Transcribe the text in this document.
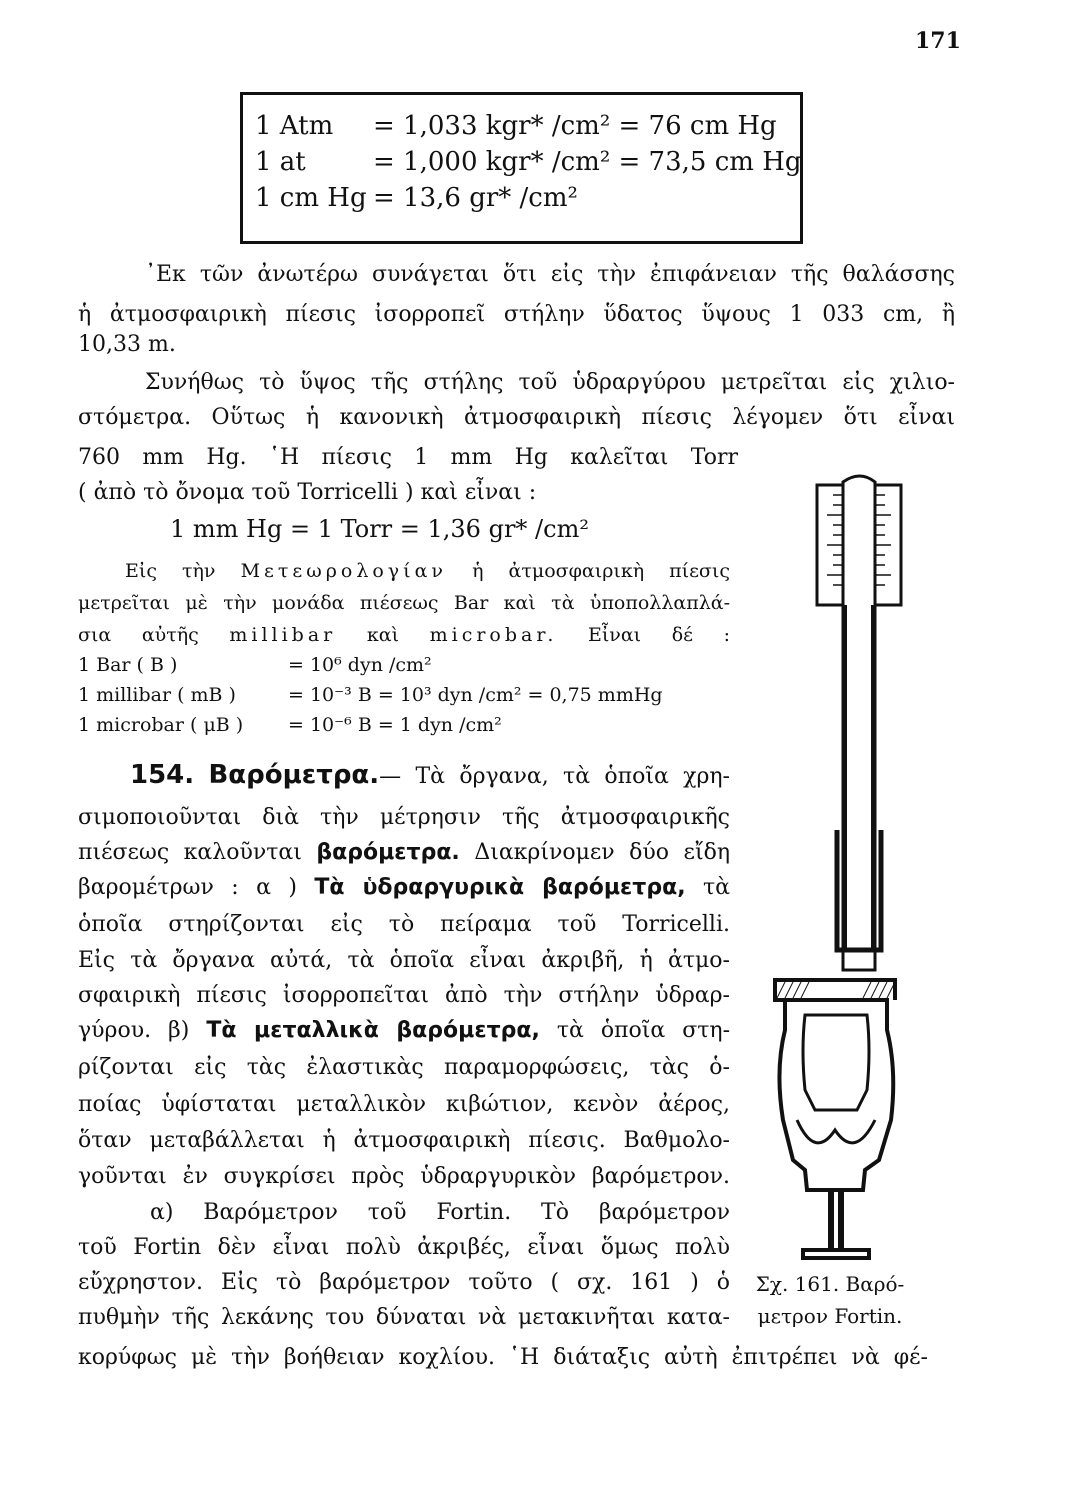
171
1 Atm = 1,033 kgr* /cm² = 76 cm Hg
1 at	= 1,000 kgr* /cm² = 73,5 cm Hg
1 cm Hg = 13,6 gr* /cm²
᾿Εκ τῶν ἀνωτέρω συνάγεται ὅτι εἰς τὴν ἐπιφάνειαν τῆς θαλάσσης
ἡ ἀτμοσφαιρικὴ πίεσις ἰσορροπεῖ στήλην ὕδατος ὕψους 1 033 cm, ἢ
10,33 m.
Συνήθως τὸ ὕψος τῆς στήλης τοῦ ὑδραργύρου μετρεῖται εἰς χιλιο-
στόμετρα. Οὕτως ἡ κανονικὴ ἀτμοσφαιρικὴ πίεσις λέγομεν ὅτι εἶναι
760 mm Hg. ῾Η πίεσις 1 mm Hg καλεῖται Torr
( ἀπὸ τὸ ὄνομα τοῦ Torricelli ) καὶ εἶναι :
1 mm Hg = 1 Torr = 1,36 gr* /cm²
Εἰς τὴν Μετεωρολογίαν ἡ ἀτμοσφαιρικὴ πίεσις
μετρεῖται μὲ τὴν μονάδα πιέσεως Bar καὶ τὰ ὑποπολλαπλά-
σια αὐτῆς millibar καὶ microbar. Εἶναι δέ :
1 Bar ( B )	= 10⁶ dyn /cm²
1 millibar ( mB )	= 10⁻³ B = 10³ dyn /cm² = 0,75 mmHg
1 microbar ( μB ) = 10⁻⁶ B = 1 dyn /cm²
154. Βαρόμετρα.— Τὰ ὄργανα, τὰ ὁποῖα χρη-
σιμοποιοῦνται διὰ τὴν μέτρησιν τῆς ἀτμοσφαιρικῆς
πιέσεως καλοῦνται βαρόμετρα. Διακρίνομεν δύο εἴδη
βαρομέτρων : α ) Τὰ ὑδραργυρικὰ βαρόμετρα, τὰ
ὁποῖα στηρίζονται εἰς τὸ πείραμα τοῦ Torricelli.
Εἰς τὰ ὄργανα αὐτά, τὰ ὁποῖα εἶναι ἀκριβῆ, ἡ ἀτμο-
σφαιρικὴ πίεσις ἰσορροπεῖται ἀπὸ τὴν στήλην ὑδραρ-
γύρου. β) Τὰ μεταλλικὰ βαρόμετρα, τὰ ὁποῖα στη-
ρίζονται εἰς τὰς ἐλαστικὰς παραμορφώσεις, τὰς ὁ-
ποίας ὑφίσταται μεταλλικὸν κιβώτιον, κενὸν ἀέρος,
ὅταν μεταβάλλεται ἡ ἀτμοσφαιρικὴ πίεσις. Βαθμολο-
γοῦνται ἐν συγκρίσει πρὸς ὑδραργυρικὸν βαρόμετρον.
α) Βαρόμετρον τοῦ Fortin. Τὸ βαρόμετρον
τοῦ Fortin δὲν εἶναι πολὺ ἀκριβές, εἶναι ὅμως πολὺ
εὔχρηστον. Εἰς τὸ βαρόμετρον τοῦτο ( σχ. 161 ) ὁ
πυθμὴν τῆς λεκάνης του δύναται νὰ μετακινῆται κατα-
κορύφως μὲ τὴν βοήθειαν κοχλίου. ῾Η διάταξις αὐτὴ ἐπιτρέπει νὰ φέ-
Σχ. 161. Βαρό-
μετρον Fortin.
